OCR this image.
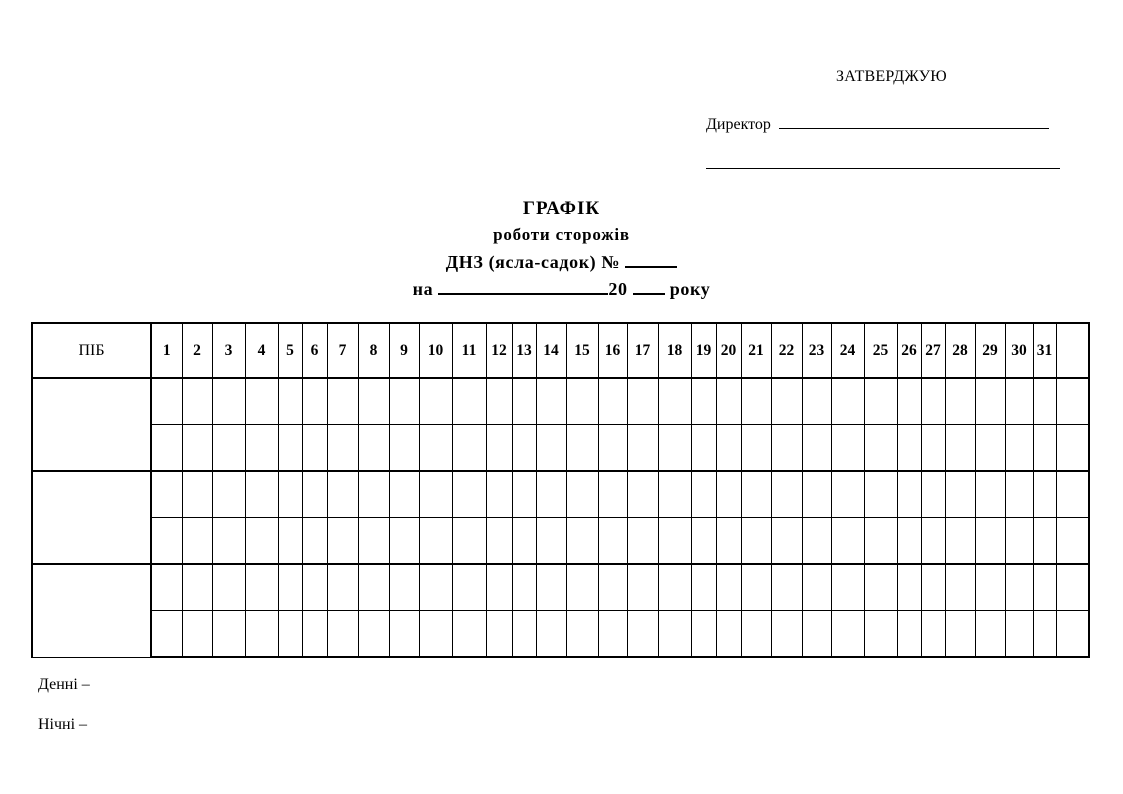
ЗАТВЕРДЖУЮ
Директор
ГРАФІК
роботи сторожів
ДНЗ (ясла-садок) №
на	20 року
ПІБ	1	2	3	4	5	6	7	8	9	10	11	12	13	14	15	16	17	18	19	20	21	22	23	24	25	26	27	28	29	30	31	

Денні –
Нічні –
